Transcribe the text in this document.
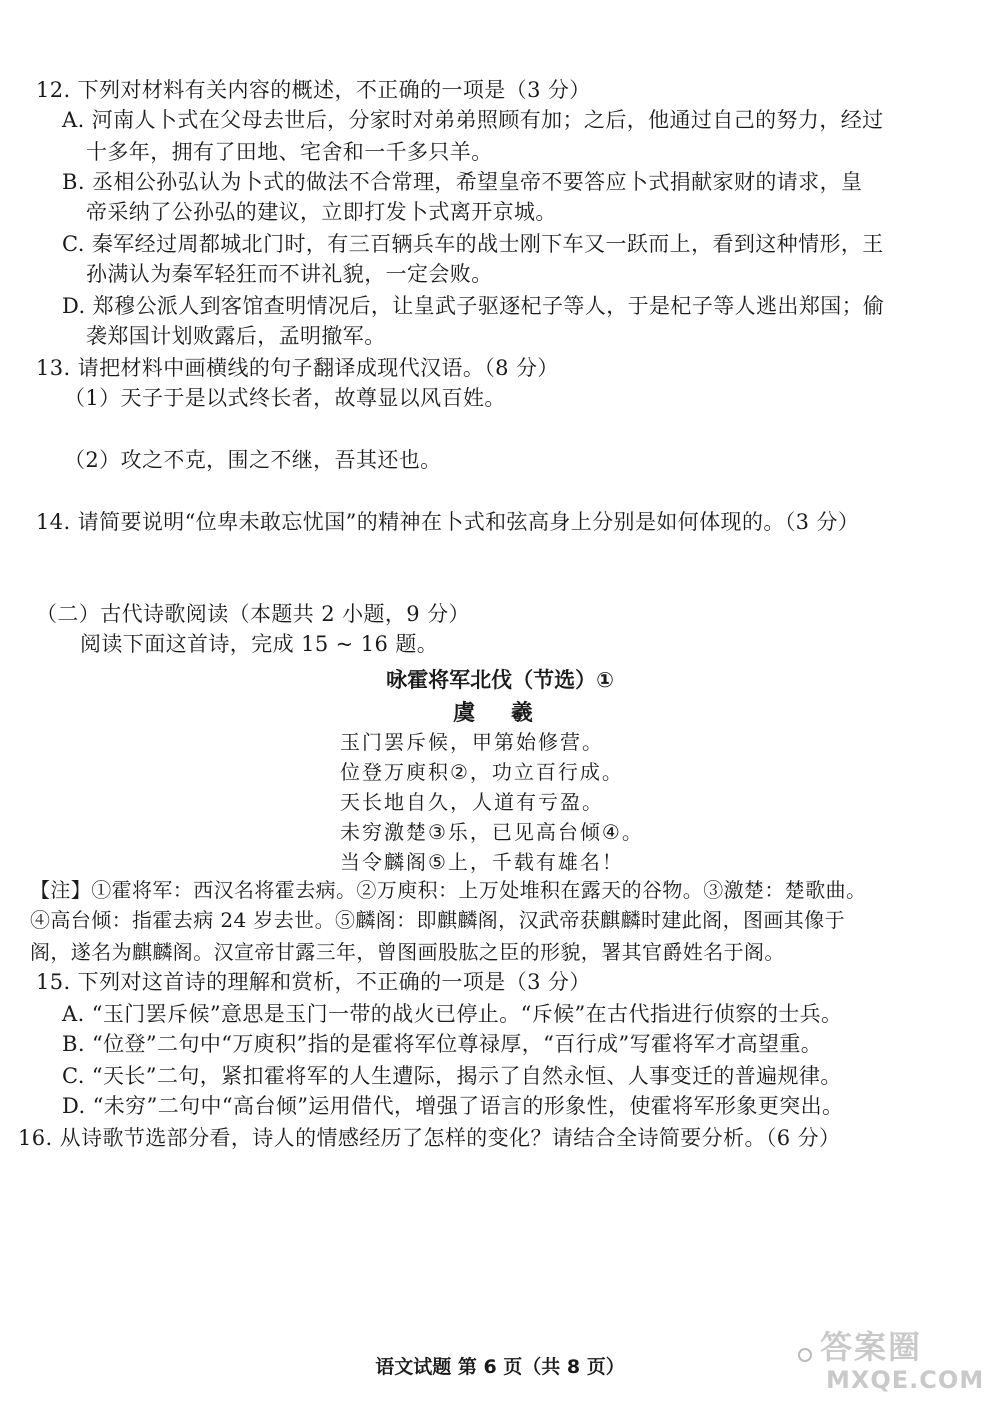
12. 下列对材料有关内容的概述，不正确的一项是（3 分）
A. 河南人卜式在父母去世后，分家时对弟弟照顾有加；之后，他通过自己的努力，经过
十多年，拥有了田地、宅舍和一千多只羊。
B. 丞相公孙弘认为卜式的做法不合常理，希望皇帝不要答应卜式捐献家财的请求，皇
帝采纳了公孙弘的建议，立即打发卜式离开京城。
C. 秦军经过周都城北门时，有三百辆兵车的战士刚下车又一跃而上，看到这种情形，王
孙满认为秦军轻狂而不讲礼貌，一定会败。
D. 郑穆公派人到客馆查明情况后，让皇武子驱逐杞子等人，于是杞子等人逃出郑国；偷
袭郑国计划败露后，孟明撤军。
13. 请把材料中画横线的句子翻译成现代汉语。（8 分）
（1）天子于是以式终长者，故尊显以风百姓。
（2）攻之不克，围之不继，吾其还也。
14. 请简要说明“位卑未敢忘忧国”的精神在卜式和弦高身上分别是如何体现的。（3 分）
（二）古代诗歌阅读（本题共 2 小题，9 分）
阅读下面这首诗，完成 15 ~ 16 题。
咏霍将军北伐（节选）①
虞 羲
玉门罢斥候，甲第始修营。
位登万庾积②，功立百行成。
天长地自久，人道有亏盈。
未穷激楚③乐，已见高台倾④。
当令麟阁⑤上，千载有雄名！
【注】①霍将军：西汉名将霍去病。②万庾积：上万处堆积在露天的谷物。③激楚：楚歌曲。
④高台倾：指霍去病 24 岁去世。⑤麟阁：即麒麟阁，汉武帝获麒麟时建此阁，图画其像于
阁，遂名为麒麟阁。汉宣帝甘露三年，曾图画股肱之臣的形貌，署其官爵姓名于阁。
15. 下列对这首诗的理解和赏析，不正确的一项是（3 分）
A. “玉门罢斥候”意思是玉门一带的战火已停止。“斥候”在古代指进行侦察的士兵。
B. “位登”二句中“万庾积”指的是霍将军位尊禄厚，“百行成”写霍将军才高望重。
C. “天长”二句，紧扣霍将军的人生遭际，揭示了自然永恒、人事变迁的普遍规律。
D. “未穷”二句中“高台倾”运用借代，增强了语言的形象性，使霍将军形象更突出。
16. 从诗歌节选部分看，诗人的情感经历了怎样的变化？请结合全诗简要分析。（6 分）
语文试题 第 6 页（共 8 页）
答案圈
MXQE.COM
